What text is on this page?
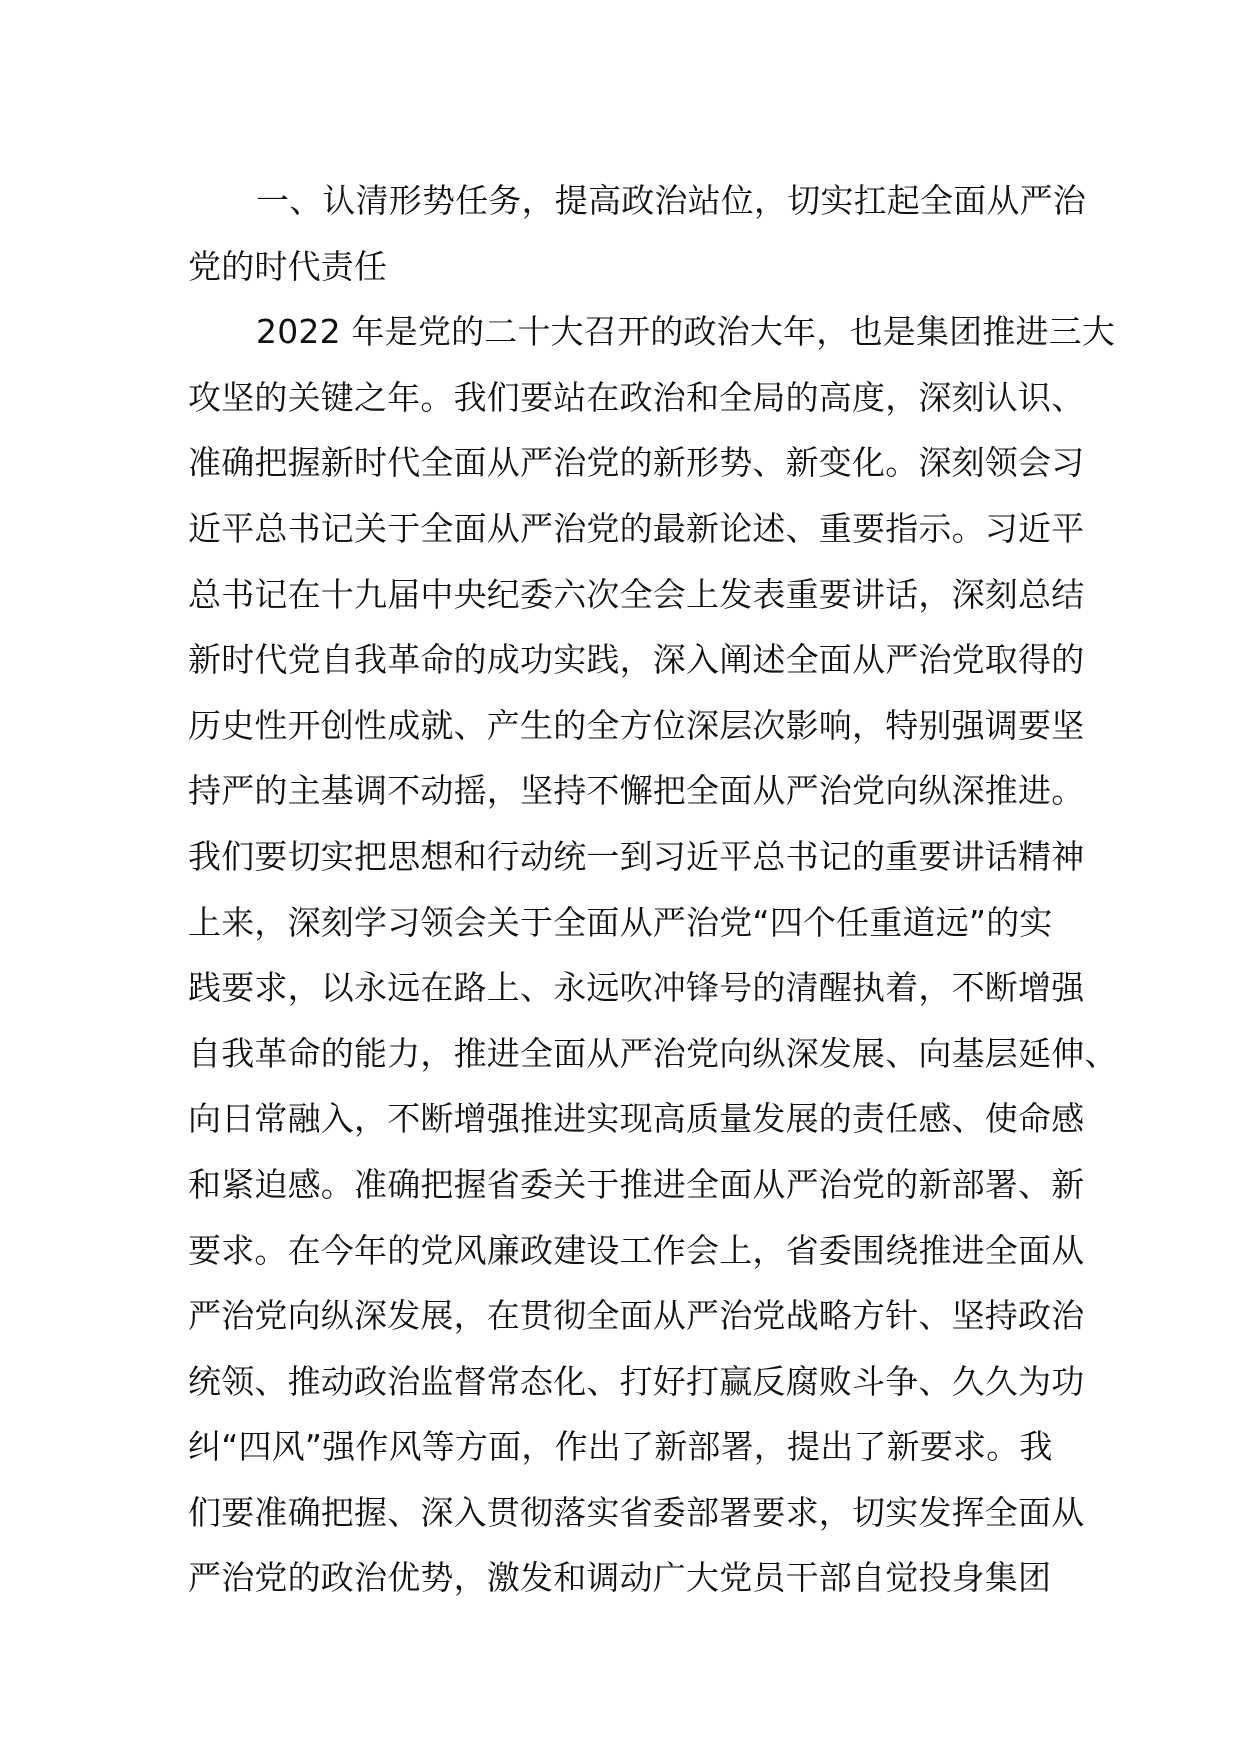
一、认清形势任务，提高政治站位，切实扛起全面从严治
党的时代责任
2022 年是党的二十大召开的政治大年，也是集团推进三大
攻坚的关键之年。我们要站在政治和全局的高度，深刻认识、
准确把握新时代全面从严治党的新形势、新变化。深刻领会习
近平总书记关于全面从严治党的最新论述、重要指示。习近平
总书记在十九届中央纪委六次全会上发表重要讲话，深刻总结
新时代党自我革命的成功实践，深入阐述全面从严治党取得的
历史性开创性成就、产生的全方位深层次影响，特别强调要坚
持严的主基调不动摇，坚持不懈把全面从严治党向纵深推进。
我们要切实把思想和行动统一到习近平总书记的重要讲话精神
上来，深刻学习领会关于全面从严治党“四个任重道远”的实
践要求，以永远在路上、永远吹冲锋号的清醒执着，不断增强
自我革命的能力，推进全面从严治党向纵深发展、向基层延伸、
向日常融入，不断增强推进实现高质量发展的责任感、使命感
和紧迫感。准确把握省委关于推进全面从严治党的新部署、新
要求。在今年的党风廉政建设工作会上，省委围绕推进全面从
严治党向纵深发展，在贯彻全面从严治党战略方针、坚持政治
统领、推动政治监督常态化、打好打赢反腐败斗争、久久为功
纠“四风”强作风等方面，作出了新部署，提出了新要求。我
们要准确把握、深入贯彻落实省委部署要求，切实发挥全面从
严治党的政治优势，激发和调动广大党员干部自觉投身集团
